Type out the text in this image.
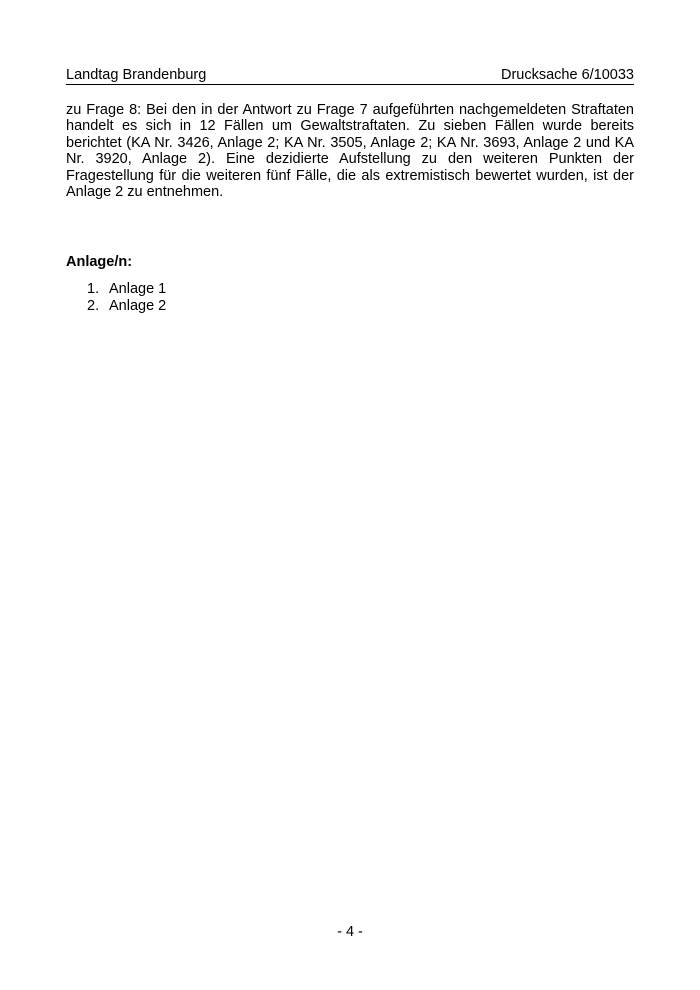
Landtag Brandenburg	Drucksache 6/10033

zu Frage 8: Bei den in der Antwort zu Frage 7 aufgeführten nachgemeldeten Straftaten handelt es sich in 12 Fällen um Gewaltstraftaten. Zu sieben Fällen wurde bereits berichtet (KA Nr. 3426, Anlage 2; KA Nr. 3505, Anlage 2; KA Nr. 3693, Anlage 2 und KA Nr. 3920, Anlage 2). Eine dezidierte Aufstellung zu den weiteren Punkten der Fragestellung für die weiteren fünf Fälle, die als extremistisch bewertet wurden, ist der Anlage 2 zu entnehmen.

Anlage/n:

1. Anlage 1
2. Anlage 2
- 4 -
